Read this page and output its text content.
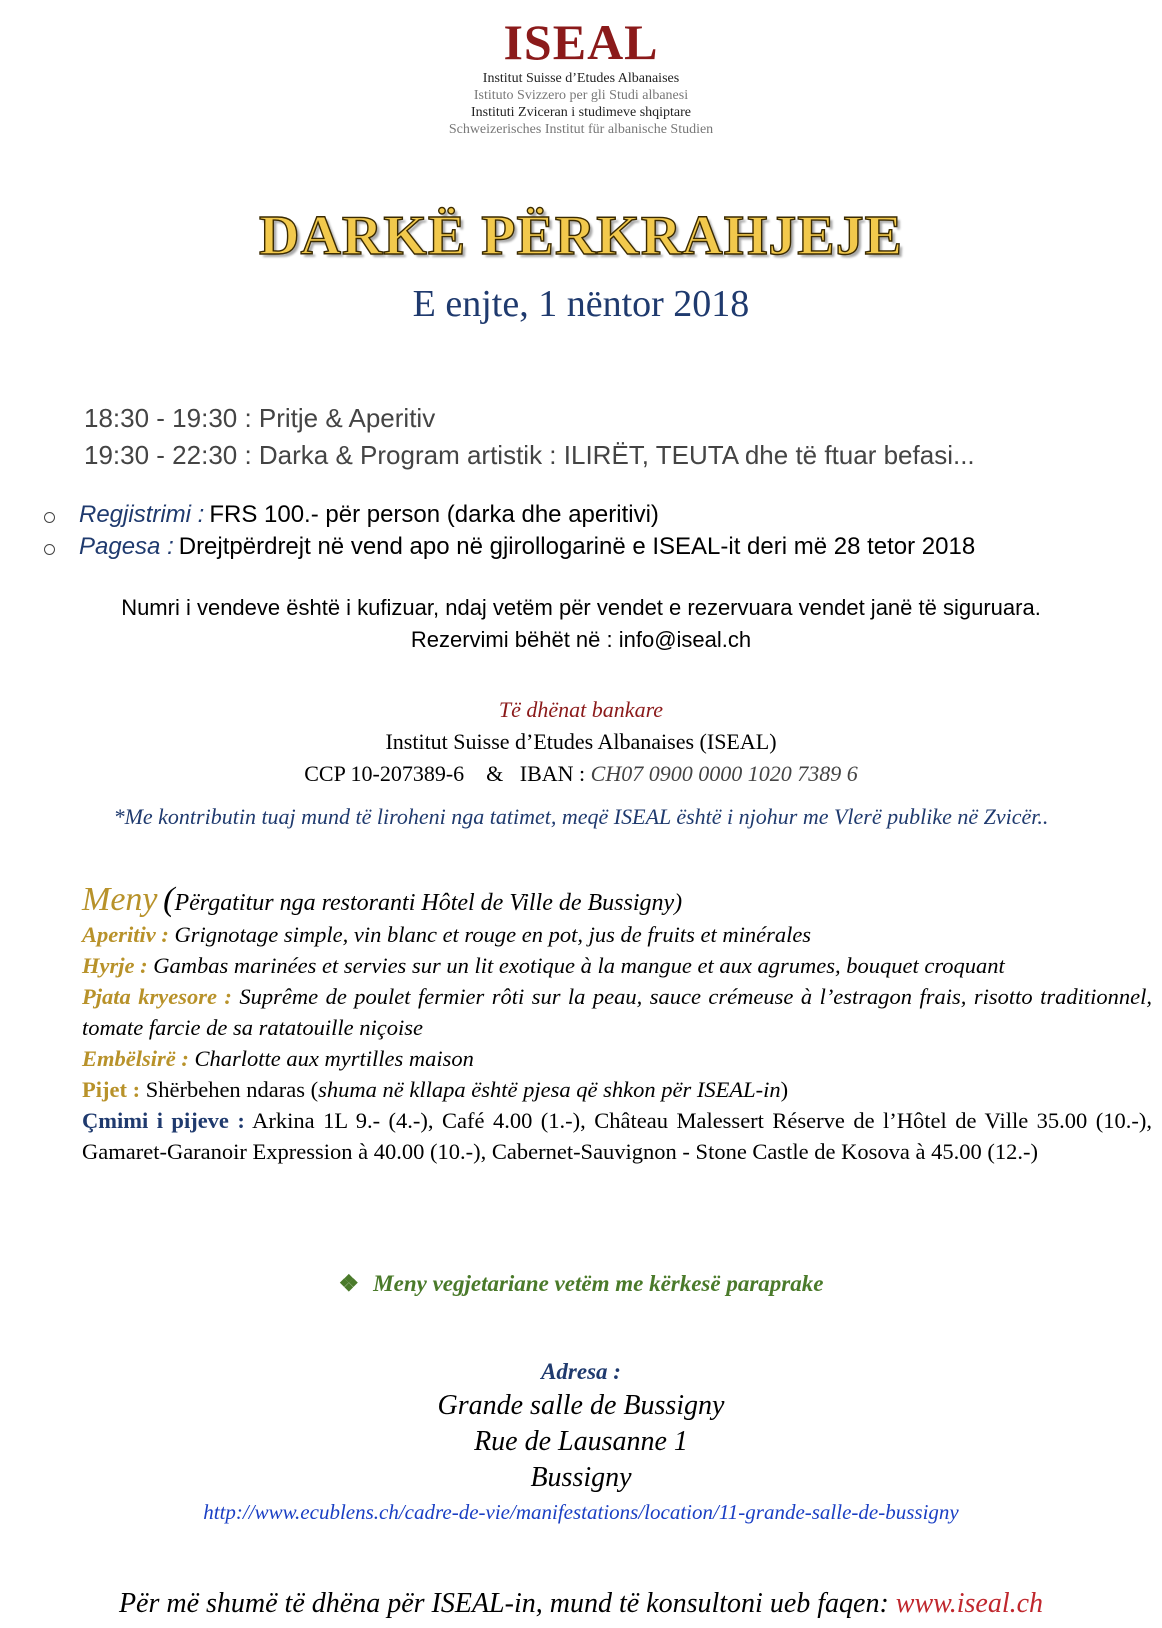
ISEAL
Institut Suisse d’Etudes Albanaises
Istituto Svizzero per gli Studi albanesi
Instituti Zviceran i studimeve shqiptare
Schweizerisches Institut für albanische Studien
DARKË PËRKRAHJEJE
E enjte, 1 nëntor 2018
18:30 - 19:30 : Pritje & Aperitiv
19:30 - 22:30 : Darka & Program artistik : ILIRËT, TEUTA dhe të ftuar befasi...
Regjistrimi : FRS 100.- për person (darka dhe aperitivi)
Pagesa : Drejtpërdrejt në vend apo në gjirollogarinë e ISEAL-it deri më 28 tetor 2018
Numri i vendeve është i kufizuar, ndaj vetëm për vendet e rezervuara vendet janë të siguruara.
Rezervimi bëhët në : info@iseal.ch
Të dhënat bankare
Institut Suisse d’Etudes Albanaises (ISEAL)
CCP 10-207389-6    &   IBAN : CH07 0900 0000 1020 7389 6
*Me kontributin tuaj mund të liroheni nga tatimet, meqë ISEAL është i njohur me Vlerë publike në Zvicër..

Meny (Përgatitur nga restoranti Hôtel de Ville de Bussigny)

Aperitiv : Grignotage simple, vin blanc et rouge en pot, jus de fruits et minérales

Hyrje : Gambas marinées et servies sur un lit exotique à la mangue et aux agrumes, bouquet croquant

Pjata kryesore : Suprême de poulet fermier rôti sur la peau, sauce crémeuse à l’estragon frais, risotto traditionnel, tomate farcie de sa ratatouille niçoise

Embëlsirë : Charlotte aux myrtilles maison

Pijet : Shërbehen ndaras (shuma në kllapa është pjesa që shkon për ISEAL-in)

Çmimi i pijeve : Arkina 1L 9.- (4.-), Café 4.00 (1.-), Château Malessert Réserve de l’Hôtel de Ville 35.00 (10.-), Gamaret-Garanoir Expression à 40.00 (10.-), Cabernet-Sauvignon - Stone Castle de Kosova à 45.00 (12.-)

❖ Meny vegjetariane vetëm me kërkesë paraprake
Adresa :
Grande salle de Bussigny
Rue de Lausanne 1
Bussigny
http://www.ecublens.ch/cadre-de-vie/manifestations/location/11-grande-salle-de-bussigny
Për më shumë të dhëna për ISEAL-in, mund të konsultoni ueb faqen: www.iseal.ch
